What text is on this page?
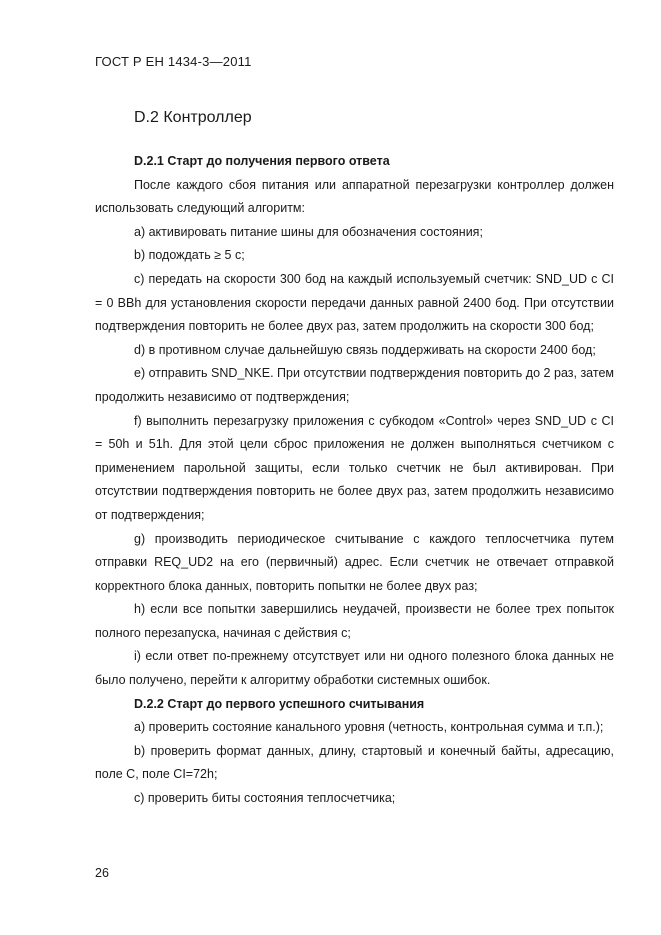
ГОСТ Р ЕН 1434-3—2011
D.2 Контроллер

D.2.1 Старт до получения первого ответа

После каждого сбоя питания или аппаратной перезагрузки контроллер должен использовать следующий алгоритм:

а) активировать питание шины для обозначения состояния;

b) подождать ≥ 5 с;

с) передать на скорости 300 бод на каждый используемый счетчик: SND_UD с CI = 0 BBh для установления скорости передачи данных равной 2400 бод. При отсутствии подтверждения повторить не более двух раз, затем продолжить на скорости 300 бод;

d) в противном случае дальнейшую связь поддерживать на скорости 2400 бод;

е) отправить SND_NKE. При отсутствии подтверждения повторить до 2 раз, затем продолжить независимо от подтверждения;

f) выполнить перезагрузку приложения с субкодом «Control» через SND_UD с CI = 50h и 51h. Для этой цели сброс приложения не должен выполняться счетчиком с применением парольной защиты, если только счетчик не был активирован. При отсутствии подтверждения повторить не более двух раз, затем продолжить независимо от подтверждения;

g) производить периодическое считывание с каждого теплосчетчика путем отправки REQ_UD2 на его (первичный) адрес. Если счетчик не отвечает отправкой корректного блока данных, повторить попытки не более двух раз;

h) если все попытки завершились неудачей, произвести не более трех попыток полного перезапуска, начиная с действия с;

i) если ответ по-прежнему отсутствует или ни одного полезного блока данных не было получено, перейти к алгоритму обработки системных ошибок.

D.2.2 Старт до первого успешного считывания

а) проверить состояние канального уровня (четность, контрольная сумма и т.п.);

b) проверить формат данных, длину, стартовый и конечный байты, адресацию, поле С, поле CI=72h;

с) проверить биты состояния теплосчетчика;

26
